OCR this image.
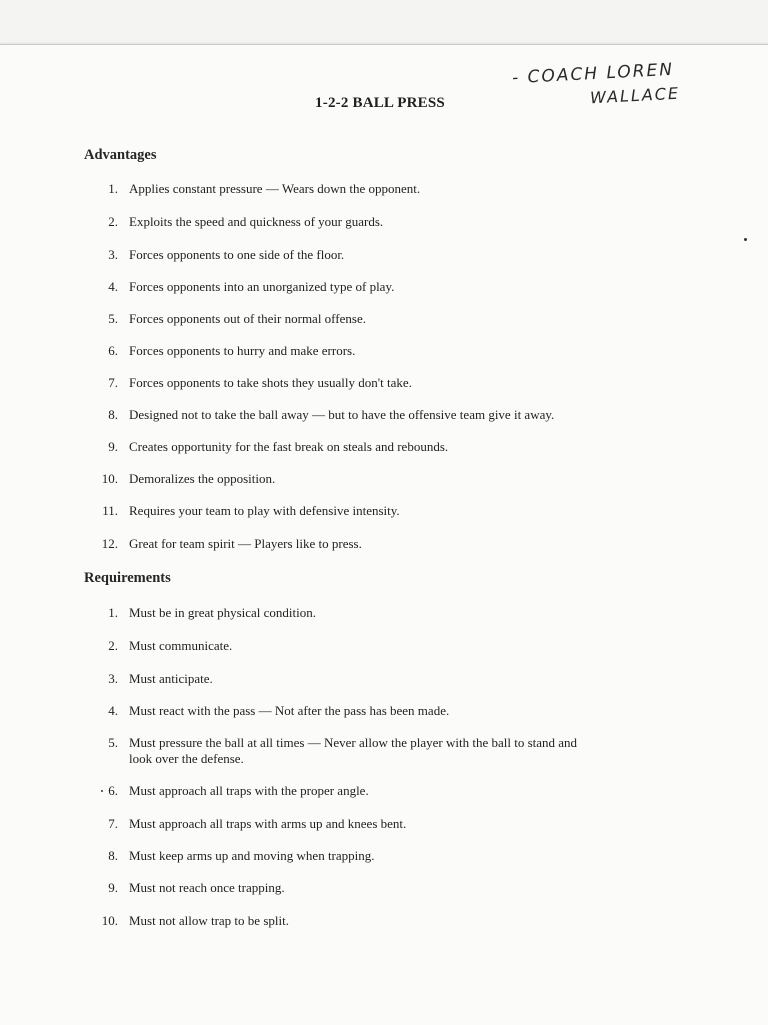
- COACH LOREN
WALLACE
1-2-2 BALL PRESS
Advantages
1. Applies constant pressure — Wears down the opponent.
2. Exploits the speed and quickness of your guards.
3. Forces opponents to one side of the floor.
4. Forces opponents into an unorganized type of play.
5. Forces opponents out of their normal offense.
6. Forces opponents to hurry and make errors.
7. Forces opponents to take shots they usually don't take.
8. Designed not to take the ball away — but to have the offensive team give it away.
9. Creates opportunity for the fast break on steals and rebounds.
10. Demoralizes the opposition.
11. Requires your team to play with defensive intensity.
12. Great for team spirit — Players like to press.
Requirements
1. Must be in great physical condition.
2. Must communicate.
3. Must anticipate.
4. Must react with the pass — Not after the pass has been made.
5. Must pressure the ball at all times — Never allow the player with the ball to stand and look over the defense.
6. Must approach all traps with the proper angle.
7. Must approach all traps with arms up and knees bent.
8. Must keep arms up and moving when trapping.
9. Must not reach once trapping.
10. Must not allow trap to be split.
